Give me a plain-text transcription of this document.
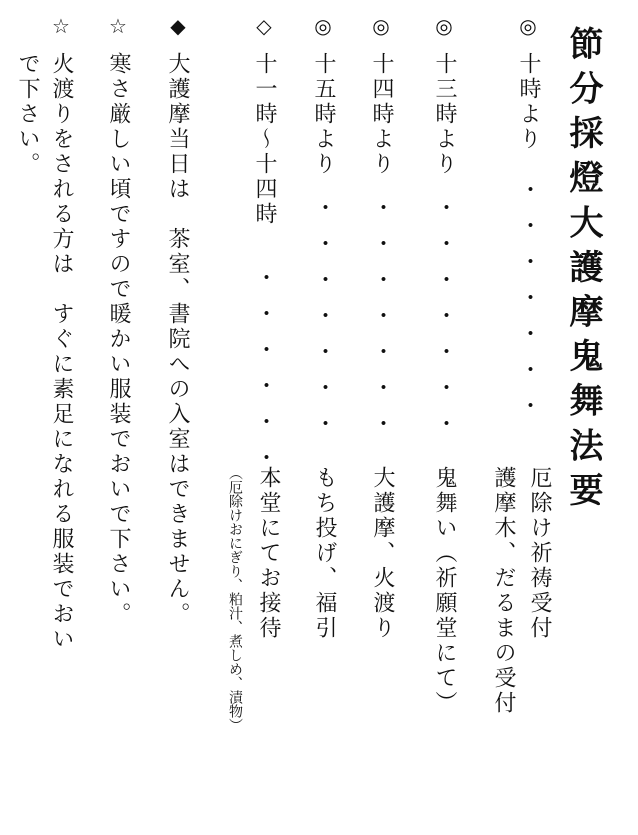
節分採燈大護摩鬼舞法要
◎
十時より
・・・・・・・
厄除け祈祷受付
護摩木、だるまの受付
◎
十三時より
・・・・・・・
鬼舞い（祈願堂にて）
◎
十四時より
・・・・・・・
大護摩、火渡り
◎
十五時より
・・・・・・・
もち投げ、福引
◇
十一時〜十四時
・・・・・・
本堂にてお接待
（厄除けおにぎり、粕汁、煮しめ、漬物）
◆
大護摩当日は　茶室、書院への入室はできません。
☆
寒さ厳しい頃ですので暖かい服装でおいで下さい。
☆
火渡りをされる方は　すぐに素足になれる服装でおい
で下さい。
